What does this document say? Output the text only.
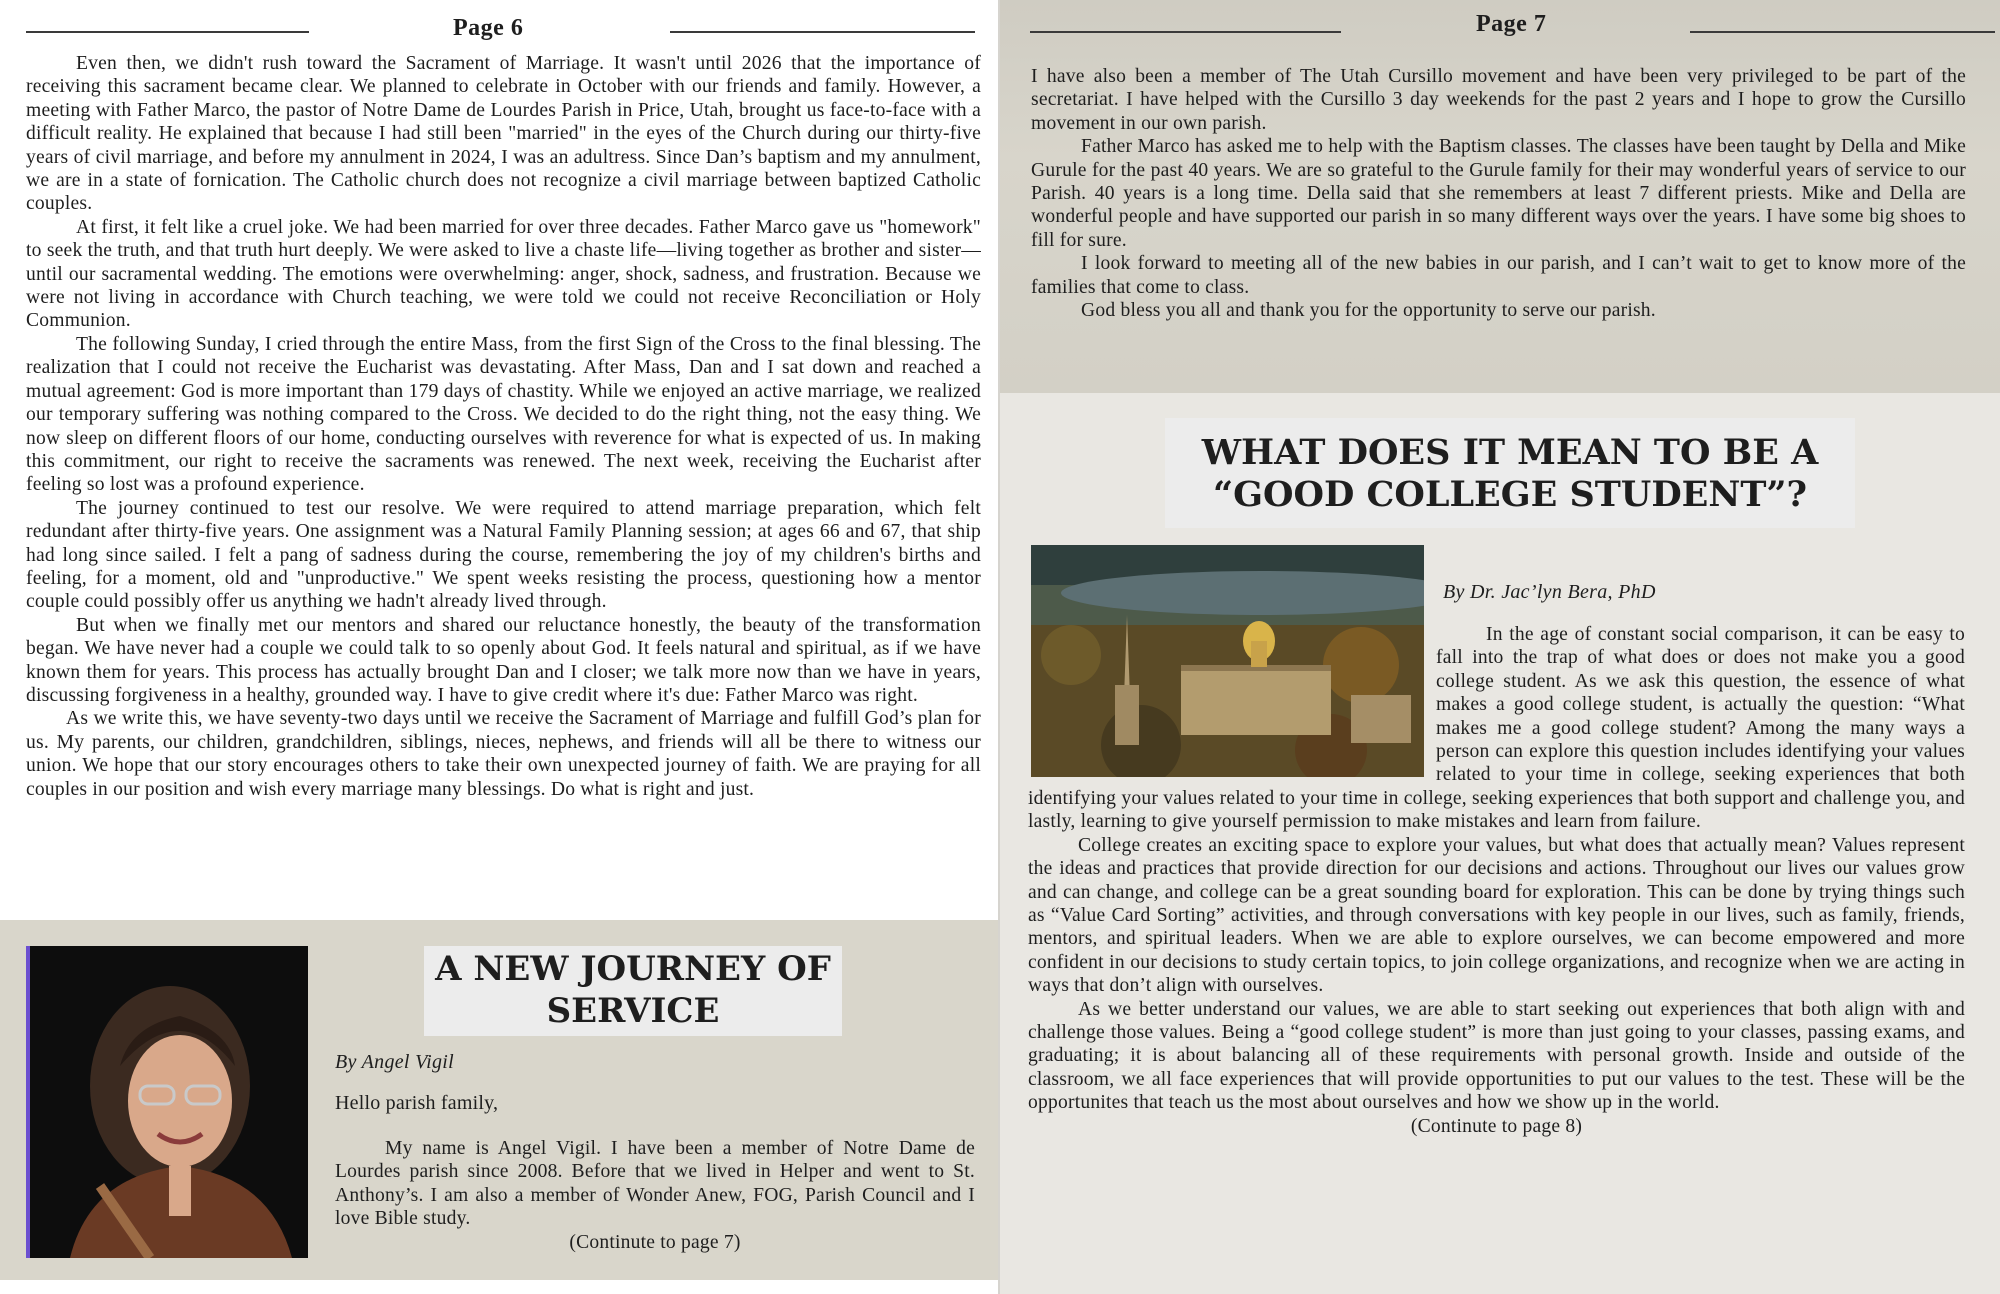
Page 6

Even then, we didn't rush toward the Sacrament of Marriage. It wasn't until 2026 that the importance of receiving this sacrament became clear. We planned to celebrate in October with our friends and family. However, a meeting with Father Marco, the pastor of Notre Dame de Lourdes Parish in Price, Utah, brought us face-to-face with a difficult reality. He explained that because I had still been "married" in the eyes of the Church during our thirty-five years of civil marriage, and before my annulment in 2024, I was an adultress. Since Dan’s baptism and my annulment, we are in a state of fornication. The Catholic church does not recognize a civil marriage between baptized Catholic couples.

At first, it felt like a cruel joke. We had been married for over three decades. Father Marco gave us "homework" to seek the truth, and that truth hurt deeply. We were asked to live a chaste life—living together as brother and sister—until our sacramental wedding. The emotions were overwhelming: anger, shock, sadness, and frustration. Because we were not living in accordance with Church teaching, we were told we could not receive Reconciliation or Holy Communion.

The following Sunday, I cried through the entire Mass, from the first Sign of the Cross to the final blessing. The realization that I could not receive the Eucharist was devastating. After Mass, Dan and I sat down and reached a mutual agreement: God is more important than 179 days of chastity. While we enjoyed an active marriage, we realized our temporary suffering was nothing compared to the Cross. We decided to do the right thing, not the easy thing. We now sleep on different floors of our home, conducting ourselves with reverence for what is expected of us. In making this commitment, our right to receive the sacraments was renewed. The next week, receiving the Eucharist after feeling so lost was a profound experience.

The journey continued to test our resolve. We were required to attend marriage preparation, which felt redundant after thirty-five years. One assignment was a Natural Family Planning session; at ages 66 and 67, that ship had long since sailed. I felt a pang of sadness during the course, remembering the joy of my children's births and feeling, for a moment, old and "unproductive." We spent weeks resisting the process, questioning how a mentor couple could possibly offer us anything we hadn't already lived through.

But when we finally met our mentors and shared our reluctance honestly, the beauty of the transformation began. We have never had a couple we could talk to so openly about God. It feels natural and spiritual, as if we have known them for years. This process has actually brought Dan and I closer; we talk more now than we have in years, discussing forgiveness in a healthy, grounded way. I have to give credit where it's due: Father Marco was right.

As we write this, we have seventy-two days until we receive the Sacrament of Marriage and fulfill God’s plan for us. My parents, our children, grandchildren, siblings, nieces, nephews, and friends will all be there to witness our union. We hope that our story encourages others to take their own unexpected journey of faith. We are praying for all couples in our position and wish every marriage many blessings. Do what is right and just.

A NEW JOURNEY OF
SERVICE
By Angel Vigil
Hello parish family,

My name is Angel Vigil. I have been a member of Notre Dame de Lourdes parish since 2008. Before that we lived in Helper and went to St. Anthony’s. I am also a member of Wonder Anew, FOG, Parish Council and I love Bible study.

(Continute to page 7)

Page 7

I have also been a member of The Utah Cursillo movement and have been very privileged to be part of the secretariat. I have helped with the Cursillo 3 day weekends for the past 2 years and I hope to grow the Cursillo movement in our own parish.

Father Marco has asked me to help with the Baptism classes. The classes have been taught by Della and Mike Gurule for the past 40 years. We are so grateful to the Gurule family for their may wonderful years of service to our Parish. 40 years is a long time. Della said that she remembers at least 7 different priests. Mike and Della are wonderful people and have supported our parish in so many different ways over the years. I have some big shoes to fill for sure.

I look forward to meeting all of the new babies in our parish, and I can’t wait to get to know more of the families that come to class.

God bless you all and thank you for the opportunity to serve our parish.

WHAT DOES IT MEAN TO BE A
“GOOD COLLEGE STUDENT”?
By Dr. Jac’lyn Bera, PhD

In the age of constant social comparison, it can be easy to fall into the trap of what does or does not make you a good college student. As we ask this question, the essence of what makes a good college student, is actually the question: “What makes me a good college student? Among the many ways a person can explore this question includes identifying your values related to your time in college, seeking experiences that both

identifying your values related to your time in college, seeking experiences that both support and challenge you, and lastly, learning to give yourself permission to make mistakes and learn from failure.

College creates an exciting space to explore your values, but what does that actually mean? Values represent the ideas and practices that provide direction for our decisions and actions. Throughout our lives our values grow and can change, and college can be a great sounding board for exploration. This can be done by trying things such as “Value Card Sorting” activities, and through conversations with key people in our lives, such as family, friends, mentors, and spiritual leaders. When we are able to explore ourselves, we can become empowered and more confident in our decisions to study certain topics, to join college organizations, and recognize when we are acting in ways that don’t align with ourselves.

As we better understand our values, we are able to start seeking out experiences that both align with and challenge those values. Being a “good college student” is more than just going to your classes, passing exams, and graduating; it is about balancing all of these requirements with personal growth. Inside and outside of the classroom, we all face experiences that will provide opportunities to put our values to the test. These will be the opportunites that teach us the most about ourselves and how we show up in the world.

(Continute to page 8)
